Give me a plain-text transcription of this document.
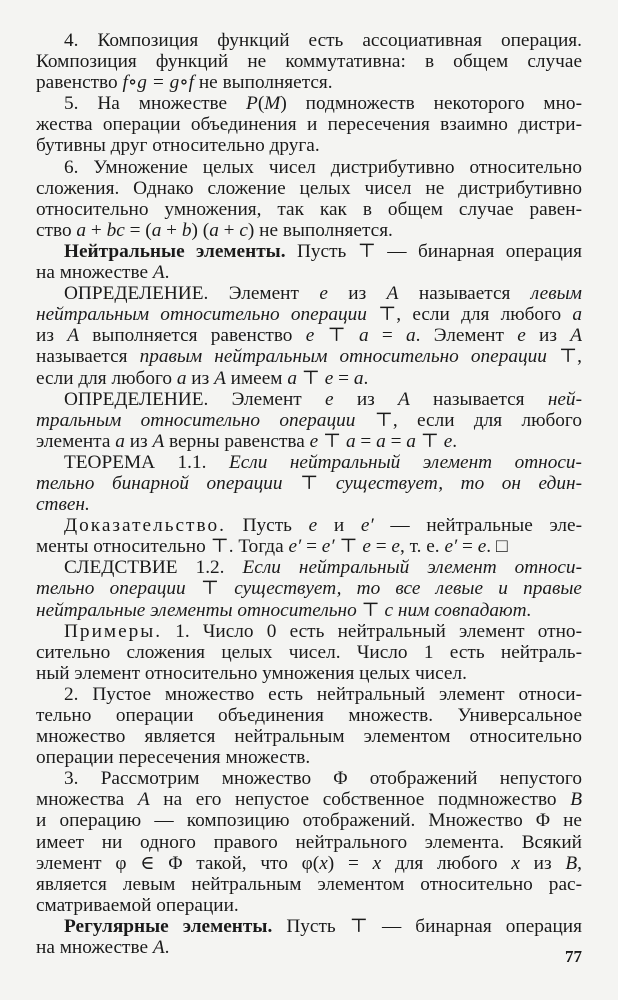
4. Композиция функций есть ассоциативная операция.
Композиция функций не коммутативна: в общем случае
равенство f∘g = g∘f не выполняется.
5. На множестве P(M) подмножеств некоторого мно-
жества операции объединения и пересечения взаимно дистри-
бутивны друг относительно друга.
6. Умножение целых чисел дистрибутивно относительно
сложения. Однако сложение целых чисел не дистрибутивно
относительно умножения, так как в общем случае равен-
ство a + bc = (a + b) (a + c) не выполняется.
Нейтральные элементы. Пусть ⊤ — бинарная операция
на множестве A.
ОПРЕДЕЛЕНИЕ. Элемент e из A называется левым
нейтральным относительно операции ⊤, если для любого a
из A выполняется равенство e ⊤ a = a. Элемент e из A
называется правым нейтральным относительно операции ⊤,
если для любого a из A имеем a ⊤ e = a.
ОПРЕДЕЛЕНИЕ. Элемент e из A называется ней-
тральным относительно операции ⊤, если для любого
элемента a из A верны равенства e ⊤ a = a = a ⊤ e.
ТЕОРЕМА 1.1. Если нейтральный элемент относи-
тельно бинарной операции ⊤ существует, то он един-
ствен.
Доказательство. Пусть e и e′ — нейтральные эле-
менты относительно ⊤. Тогда e′ = e′ ⊤ e = e, т. е. e′ = e. □
СЛЕДСТВИЕ 1.2. Если нейтральный элемент относи-
тельно операции ⊤ существует, то все левые и правые
нейтральные элементы относительно ⊤ с ним совпадают.
Примеры. 1. Число 0 есть нейтральный элемент отно-
сительно сложения целых чисел. Число 1 есть нейтраль-
ный элемент относительно умножения целых чисел.
2. Пустое множество есть нейтральный элемент относи-
тельно операции объединения множеств. Универсальное
множество является нейтральным элементом относительно
операции пересечения множеств.
3. Рассмотрим множество Φ отображений непустого
множества A на его непустое собственное подмножество B
и операцию — композицию отображений. Множество Φ не
имеет ни одного правого нейтрального элемента. Всякий
элемент φ ∈ Φ такой, что φ(x) = x для любого x из B,
является левым нейтральным элементом относительно рас-
сматриваемой операции.
Регулярные элементы. Пусть ⊤ — бинарная операция
на множестве A.	77
